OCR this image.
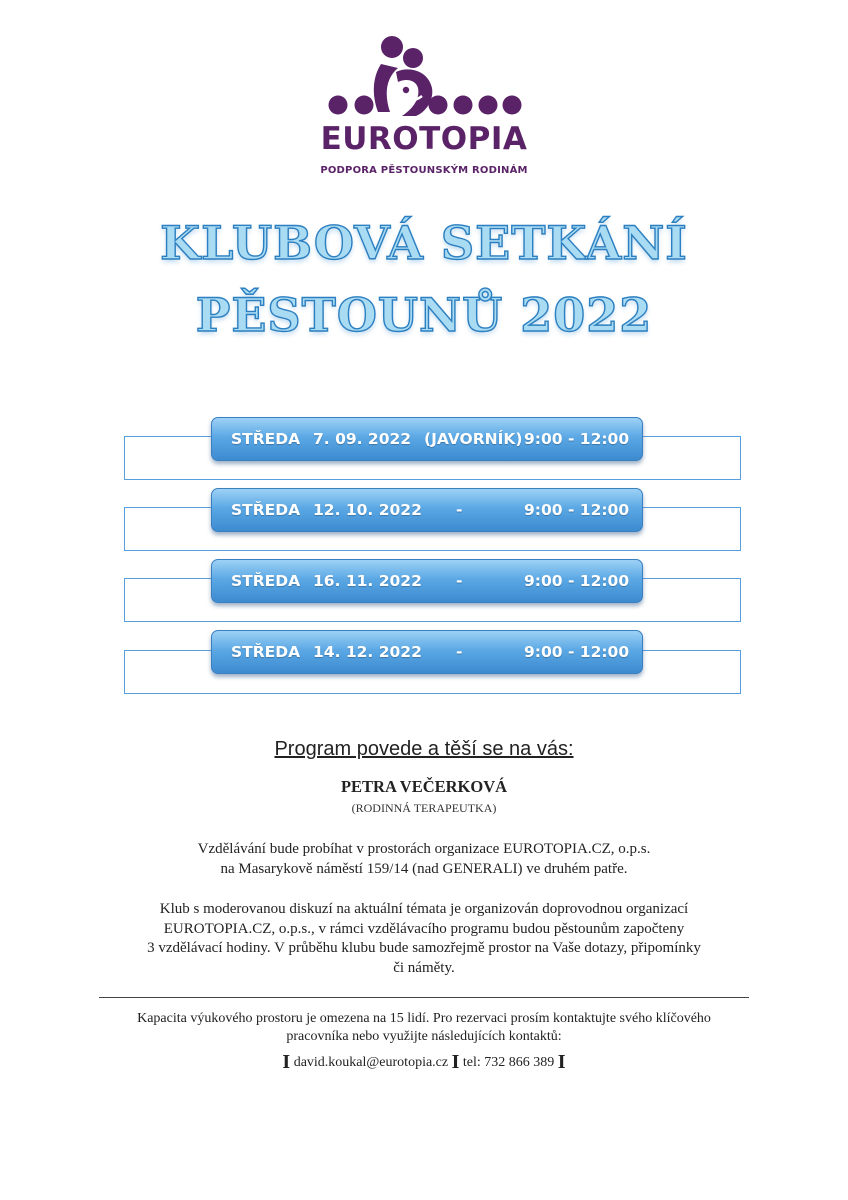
EUROTOPIA
PODPORA PĚSTOUNSKÝM RODINÁM
KLUBOVÁ SETKÁNÍ
PĚSTOUNŮ 2022
STŘEDA 7. 09. 2022 (JAVORNÍK) 9:00 - 12:00
STŘEDA 12. 10. 2022 -	9:00 - 12:00
STŘEDA 16. 11. 2022 -	9:00 - 12:00
STŘEDA 14. 12. 2022 -	9:00 - 12:00
Program povede a těší se na vás:
PETRA VEČERKOVÁ
(RODINNÁ TERAPEUTKA)
Vzdělávání bude probíhat v prostorách organizace EUROTOPIA.CZ, o.p.s.
na Masarykově náměstí 159/14 (nad GENERALI) ve druhém patře.
Klub s moderovanou diskuzí na aktuální témata je organizován doprovodnou organizací
EUROTOPIA.CZ, o.p.s., v rámci vzdělávacího programu budou pěstounům započteny
3 vzdělávací hodiny. V průběhu klubu bude samozřejmě prostor na Vaše dotazy, připomínky
či náměty.
Kapacita výukového prostoru je omezena na 15 lidí. Pro rezervaci prosím kontaktujte svého klíčového
pracovníka nebo využijte následujících kontaktů:
I david.koukal@eurotopia.cz I tel: 732 866 389 I
